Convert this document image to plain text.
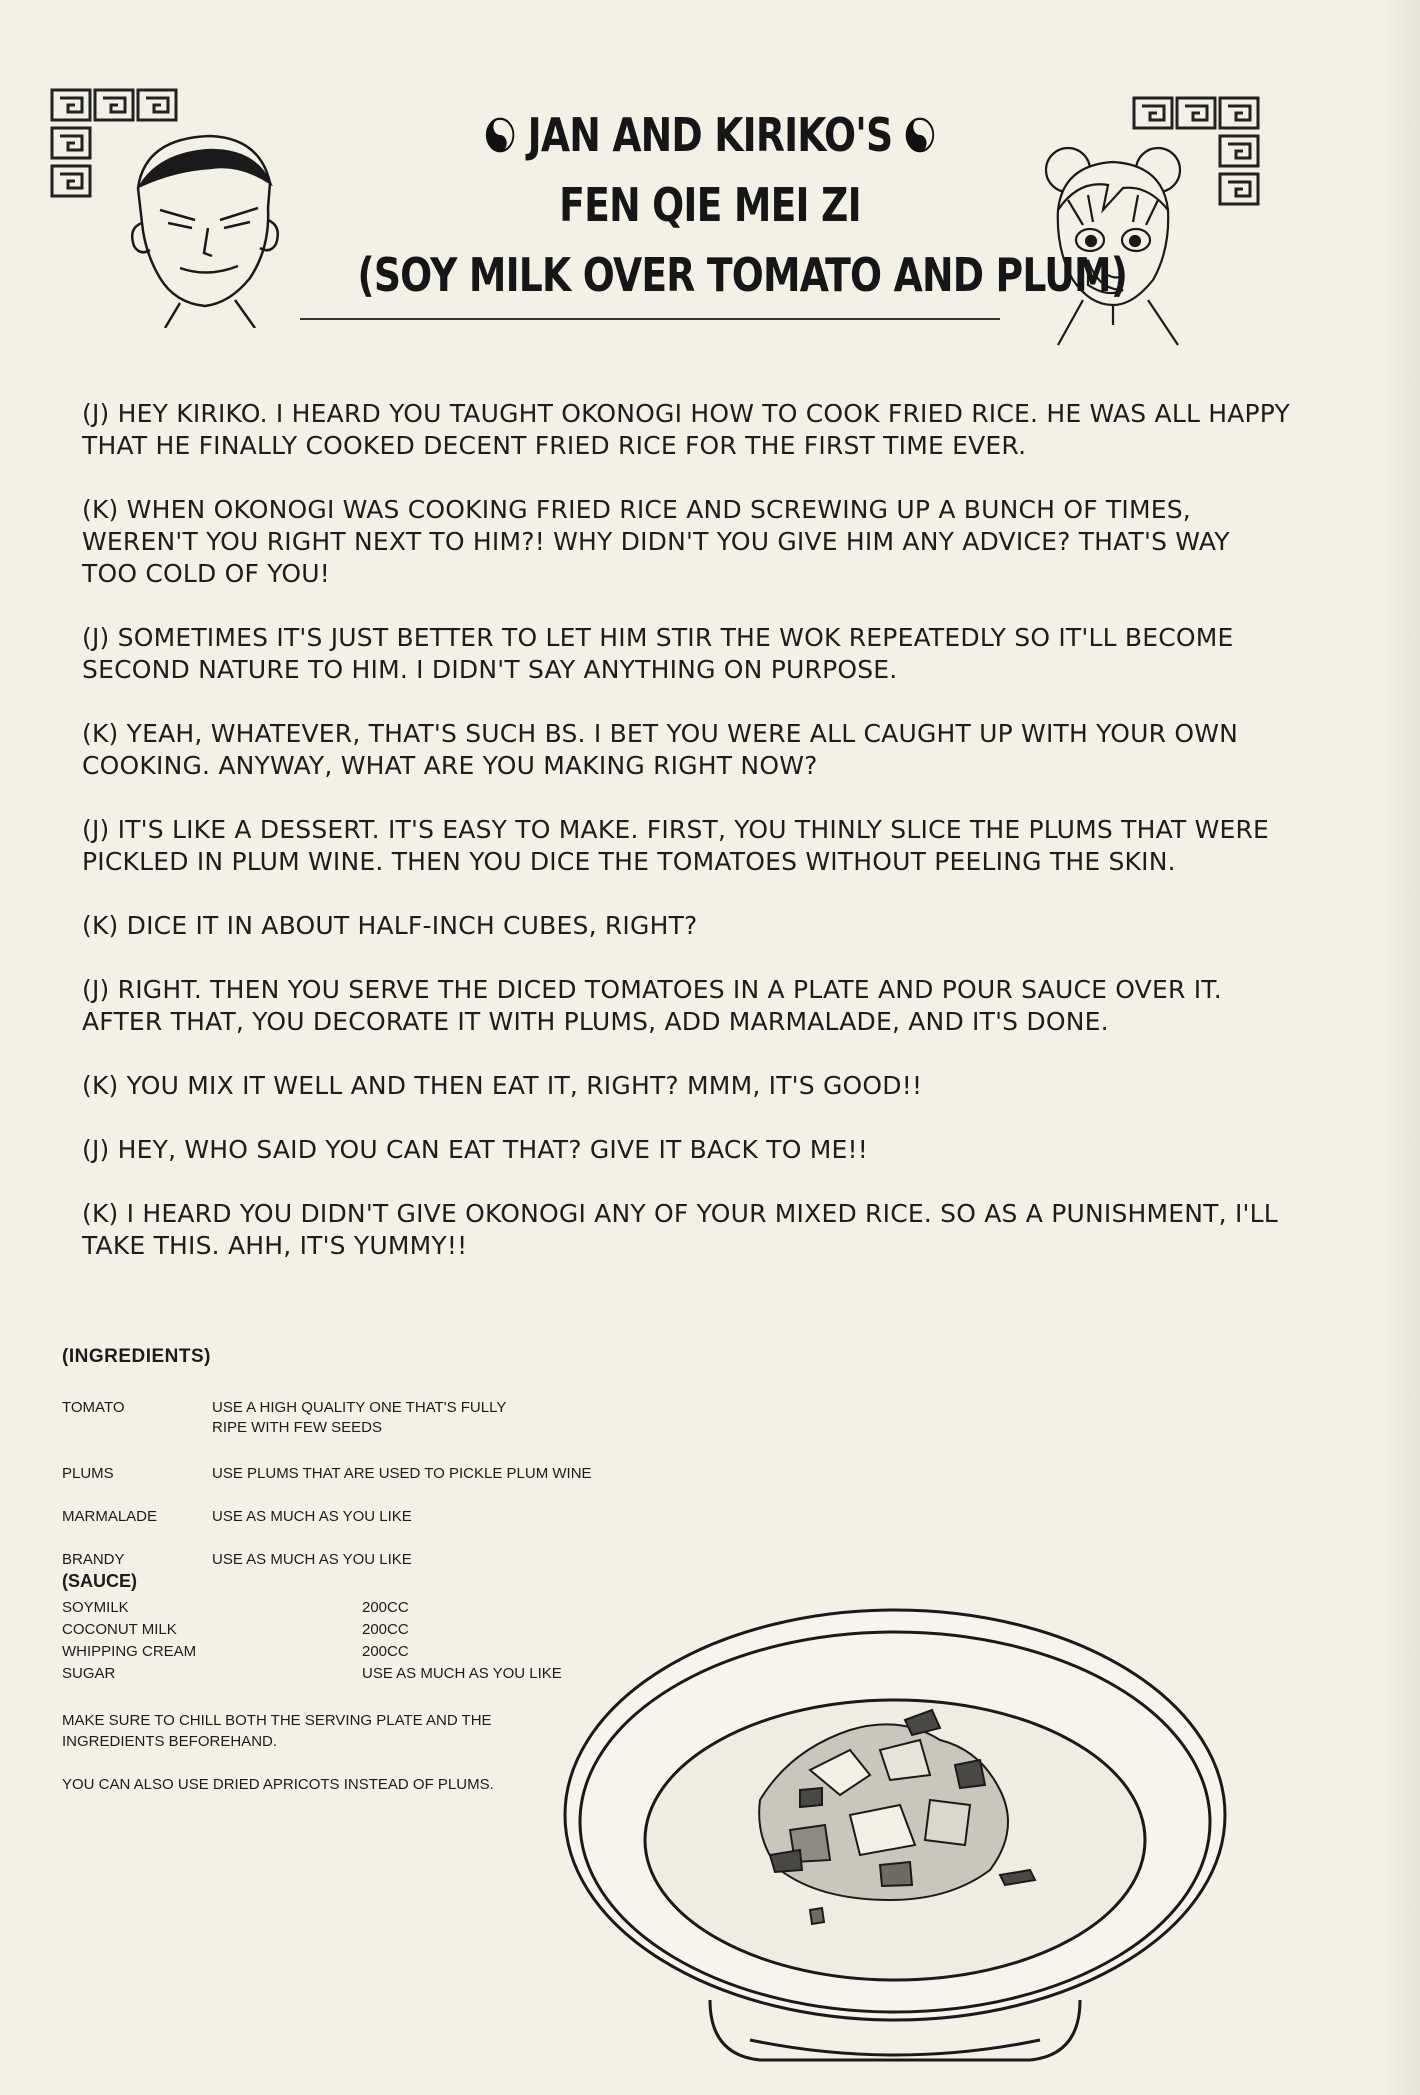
JAN AND KIRIKO'S
FEN QIE MEI ZI
(SOY MILK OVER TOMATO AND PLUM)

(J) HEY KIRIKO. I HEARD YOU TAUGHT OKONOGI HOW TO COOK FRIED RICE. HE WAS ALL HAPPY THAT HE FINALLY COOKED DECENT FRIED RICE FOR THE FIRST TIME EVER.

(K) WHEN OKONOGI WAS COOKING FRIED RICE AND SCREWING UP A BUNCH OF TIMES, WEREN'T YOU RIGHT NEXT TO HIM?! WHY DIDN'T YOU GIVE HIM ANY ADVICE? THAT'S WAY TOO COLD OF YOU!

(J) SOMETIMES IT'S JUST BETTER TO LET HIM STIR THE WOK REPEATEDLY SO IT'LL BECOME SECOND NATURE TO HIM. I DIDN'T SAY ANYTHING ON PURPOSE.

(K) YEAH, WHATEVER, THAT'S SUCH BS. I BET YOU WERE ALL CAUGHT UP WITH YOUR OWN COOKING. ANYWAY, WHAT ARE YOU MAKING RIGHT NOW?

(J) IT'S LIKE A DESSERT. IT'S EASY TO MAKE. FIRST, YOU THINLY SLICE THE PLUMS THAT WERE PICKLED IN PLUM WINE. THEN YOU DICE THE TOMATOES WITHOUT PEELING THE SKIN.

(K) DICE IT IN ABOUT HALF-INCH CUBES, RIGHT?

(J) RIGHT. THEN YOU SERVE THE DICED TOMATOES IN A PLATE AND POUR SAUCE OVER IT. AFTER THAT, YOU DECORATE IT WITH PLUMS, ADD MARMALADE, AND IT'S DONE.

(K) YOU MIX IT WELL AND THEN EAT IT, RIGHT? MMM, IT'S GOOD!!

(J) HEY, WHO SAID YOU CAN EAT THAT? GIVE IT BACK TO ME!!

(K) I HEARD YOU DIDN'T GIVE OKONOGI ANY OF YOUR MIXED RICE. SO AS A PUNISHMENT, I'LL TAKE THIS. AHH, IT'S YUMMY!!

(INGREDIENTS)
TOMATO	USE A HIGH QUALITY ONE THAT'S FULLY RIPE WITH FEW SEEDS
PLUMS	USE PLUMS THAT ARE USED TO PICKLE PLUM WINE
MARMALADE	USE AS MUCH AS YOU LIKE
BRANDY	USE AS MUCH AS YOU LIKE
(SAUCE)
SOYMILK	200CC
COCONUT MILK	200CC
WHIPPING CREAM	200CC
SUGAR	USE AS MUCH AS YOU LIKE
MAKE SURE TO CHILL BOTH THE SERVING PLATE AND THE INGREDIENTS BEFOREHAND.
YOU CAN ALSO USE DRIED APRICOTS INSTEAD OF PLUMS.
